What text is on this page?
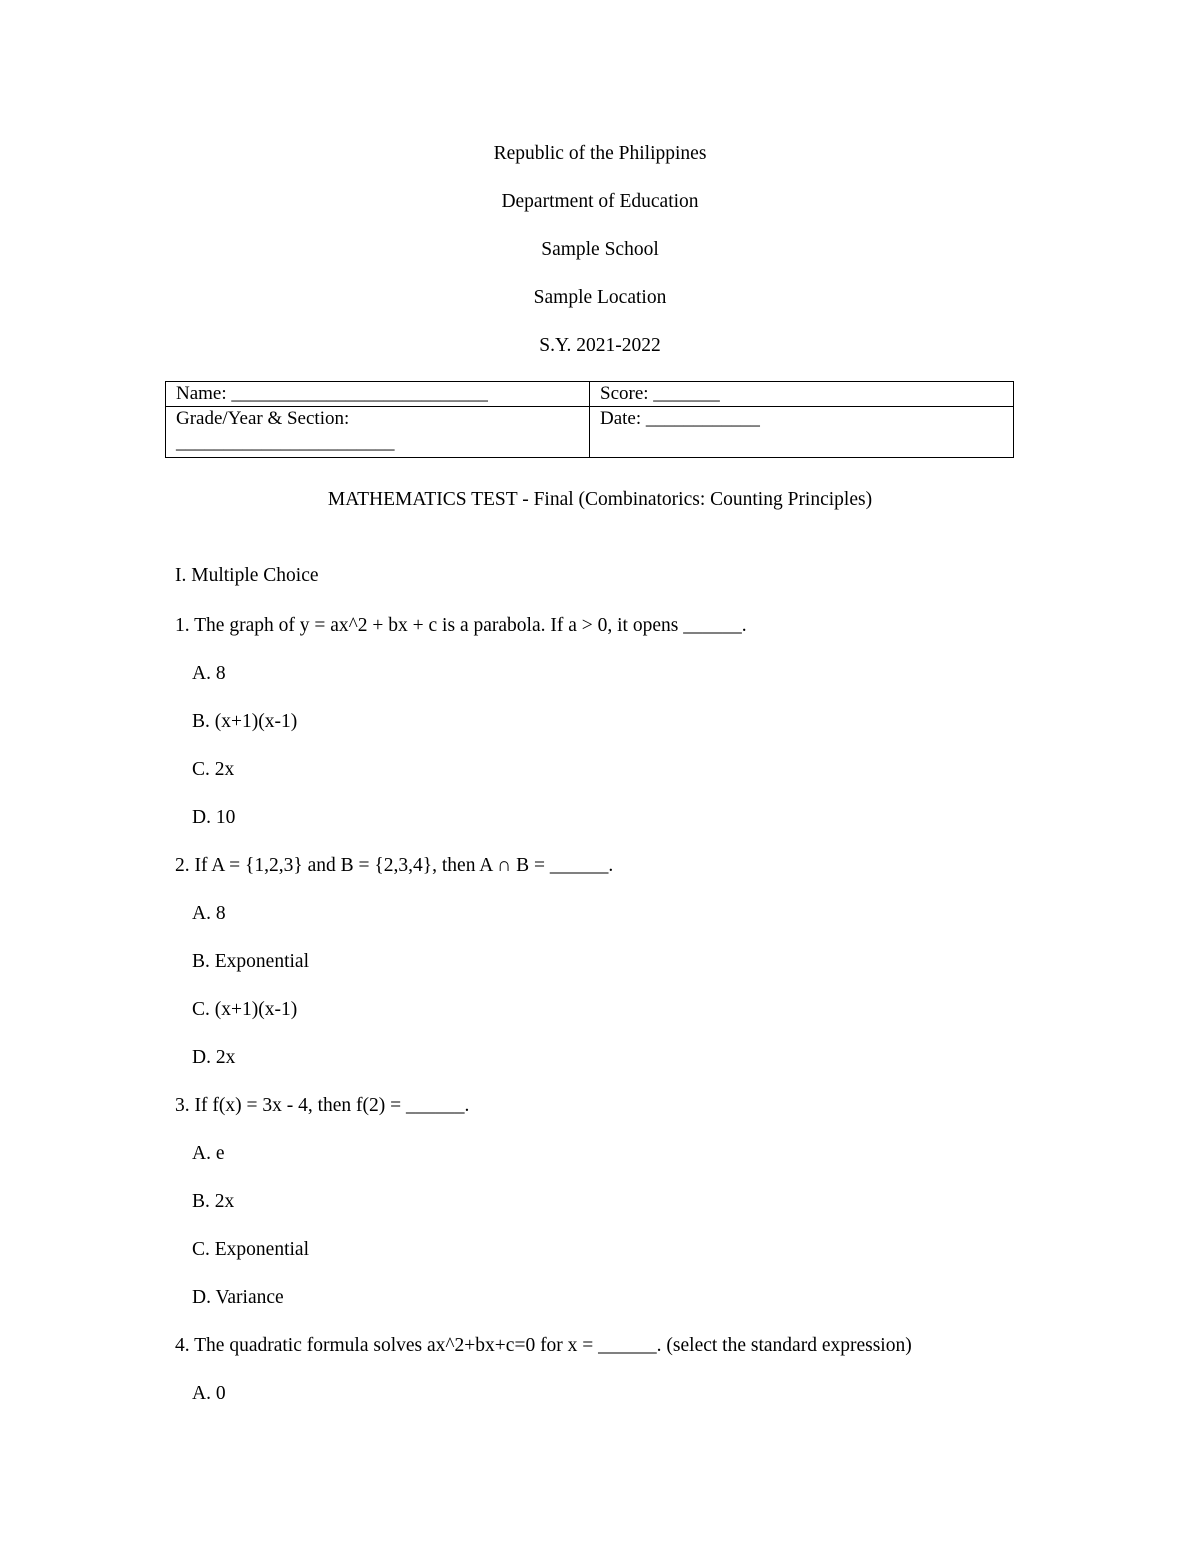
Republic of the Philippines
Department of Education
Sample School
Sample Location
S.Y. 2021-2022
Name: ___________________________	Score: _______

Grade/Year & Section:
_______________________	Date: ____________
MATHEMATICS TEST - Final (Combinatorics: Counting Principles)
I. Multiple Choice
1. The graph of y = ax^2 + bx + c is a parabola. If a > 0, it opens ______.
A. 8
B. (x+1)(x-1)
C. 2x
D. 10
2. If A = {1,2,3} and B = {2,3,4}, then A ∩ B = ______.
A. 8
B. Exponential
C. (x+1)(x-1)
D. 2x
3. If f(x) = 3x - 4, then f(2) = ______.
A. e
B. 2x
C. Exponential
D. Variance
4. The quadratic formula solves ax^2+bx+c=0 for x = ______. (select the standard expression)
A. 0
